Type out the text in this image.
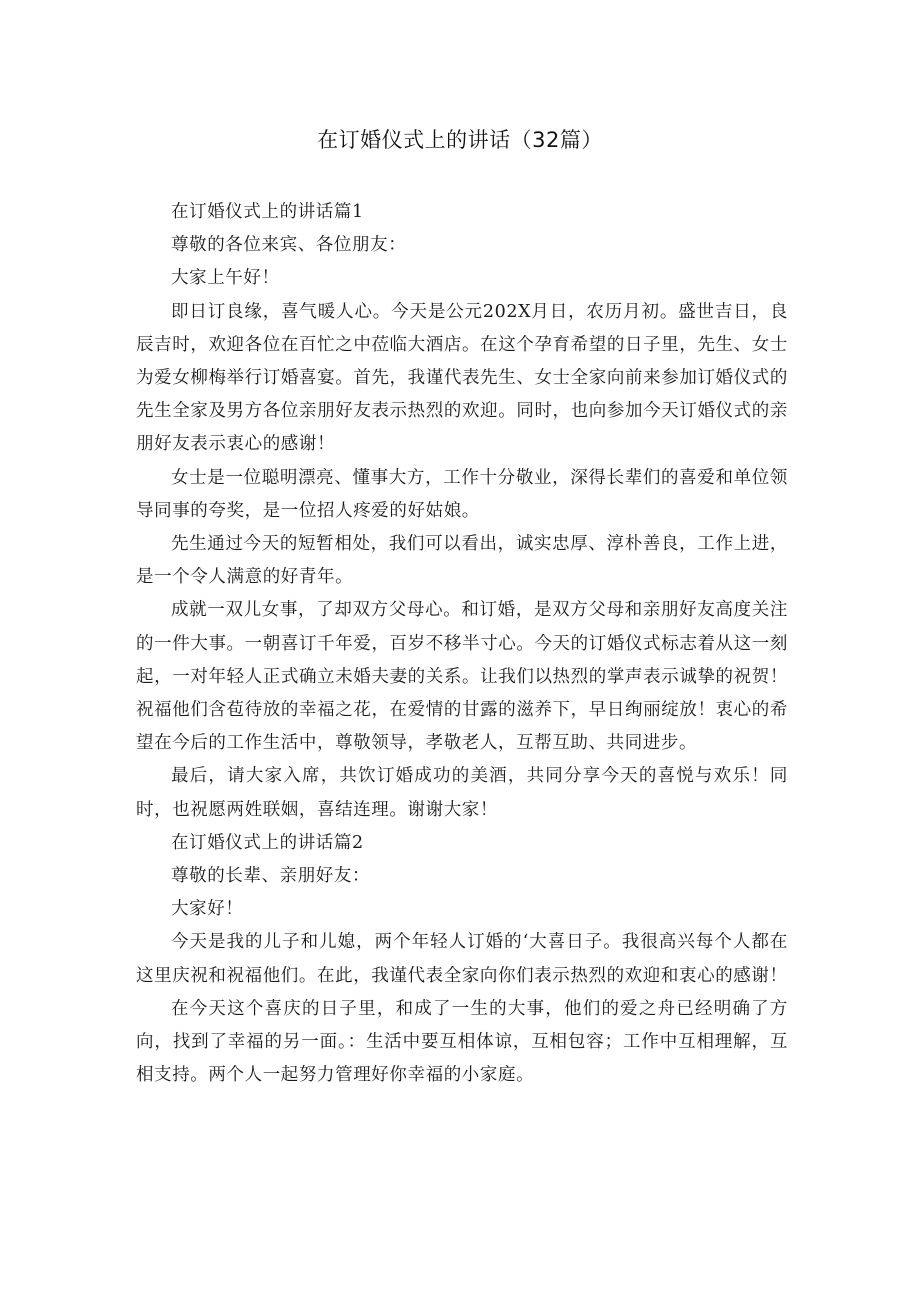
在订婚仪式上的讲话（32篇）

在订婚仪式上的讲话篇1

尊敬的各位来宾、各位朋友：

大家上午好！

即日订良缘，喜气暖人心。今天是公元202X月日，农历月初。盛世吉日，良辰吉时，欢迎各位在百忙之中莅临大酒店。在这个孕育希望的日子里，先生、女士为爱女柳梅举行订婚喜宴。首先，我谨代表先生、女士全家向前来参加订婚仪式的先生全家及男方各位亲朋好友表示热烈的欢迎。同时，也向参加今天订婚仪式的亲朋好友表示衷心的感谢！

女士是一位聪明漂亮、懂事大方，工作十分敬业，深得长辈们的喜爱和单位领导同事的夸奖，是一位招人疼爱的好姑娘。

先生通过今天的短暂相处，我们可以看出，诚实忠厚、淳朴善良，工作上进，是一个令人满意的好青年。

成就一双儿女事，了却双方父母心。和订婚，是双方父母和亲朋好友高度关注的一件大事。一朝喜订千年爱，百岁不移半寸心。今天的订婚仪式标志着从这一刻起，一对年轻人正式确立未婚夫妻的关系。让我们以热烈的掌声表示诚挚的祝贺！祝福他们含苞待放的幸福之花，在爱情的甘露的滋养下，早日绚丽绽放！衷心的希望在今后的工作生活中，尊敬领导，孝敬老人，互帮互助、共同进步。

最后，请大家入席，共饮订婚成功的美酒，共同分享今天的喜悦与欢乐！同时，也祝愿两姓联姻，喜结连理。谢谢大家！

在订婚仪式上的讲话篇2

尊敬的长辈、亲朋好友：

大家好！

今天是我的儿子和儿媳，两个年轻人订婚的‘大喜日子。我很高兴每个人都在这里庆祝和祝福他们。在此，我谨代表全家向你们表示热烈的欢迎和衷心的感谢！

在今天这个喜庆的日子里，和成了一生的大事，他们的爱之舟已经明确了方向，找到了幸福的另一面。：生活中要互相体谅，互相包容；工作中互相理解，互相支持。两个人一起努力管理好你幸福的小家庭。
